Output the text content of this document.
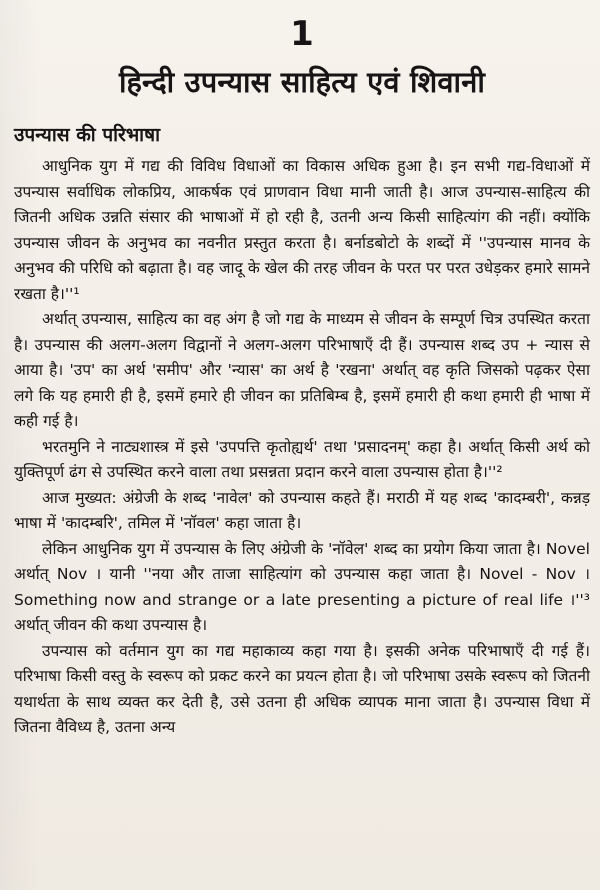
1
हिन्दी उपन्यास साहित्य एवं शिवानी
उपन्यास की परिभाषा

आधुनिक युग में गद्य की विविध विधाओं का विकास अधिक हुआ है। इन सभी गद्य-विधाओं में उपन्यास सर्वाधिक लोकप्रिय, आकर्षक एवं प्राणवान विधा मानी जाती है। आज उपन्यास-साहित्य की जितनी अधिक उन्नति संसार की भाषाओं में हो रही है, उतनी अन्य किसी साहित्यांग की नहीं। क्योंकि उपन्यास जीवन के अनुभव का नवनीत प्रस्तुत करता है। बर्नाडबोटो के शब्दों में ''उपन्यास मानव के अनुभव की परिधि को बढ़ाता है। वह जादू के खेल की तरह जीवन के परत पर परत उधेड़कर हमारे सामने रखता है।''¹

अर्थात् उपन्यास, साहित्य का वह अंग है जो गद्य के माध्यम से जीवन के सम्पूर्ण चित्र उपस्थित करता है। उपन्यास की अलग-अलग विद्वानों ने अलग-अलग परिभाषाएँ दी हैं। उपन्यास शब्द उप + न्यास से आया है। 'उप' का अर्थ 'समीप' और 'न्यास' का अर्थ है 'रखना' अर्थात् वह कृति जिसको पढ़कर ऐसा लगे कि यह हमारी ही है, इसमें हमारे ही जीवन का प्रतिबिम्ब है, इसमें हमारी ही कथा हमारी ही भाषा में कही गई है।

भरतमुनि ने नाट्यशास्त्र में इसे 'उपपत्ति कृतोह्यर्थ' तथा 'प्रसादनम्' कहा है। अर्थात् किसी अर्थ को युक्तिपूर्ण ढंग से उपस्थित करने वाला तथा प्रसन्नता प्रदान करने वाला उपन्यास होता है।''²

आज मुख्यत: अंग्रेजी के शब्द 'नावेल' को उपन्यास कहते हैं। मराठी में यह शब्द 'कादम्बरी', कन्नड़ भाषा में 'कादम्बरि', तमिल में 'नॉवल' कहा जाता है।

लेकिन आधुनिक युग में उपन्यास के लिए अंग्रेजी के 'नॉवेल' शब्द का प्रयोग किया जाता है। Novel अर्थात् Nov । यानी ''नया और ताजा साहित्यांग को उपन्यास कहा जाता है। Novel - Nov । Something now and strange or a late presenting a picture of real life ।''³ अर्थात् जीवन की कथा उपन्यास है।

उपन्यास को वर्तमान युग का गद्य महाकाव्य कहा गया है। इसकी अनेक परिभाषाएँ दी गई हैं। परिभाषा किसी वस्तु के स्वरूप को प्रकट करने का प्रयत्न होता है। जो परिभाषा उसके स्वरूप को जितनी यथार्थता के साथ व्यक्त कर देती है, उसे उतना ही अधिक व्यापक माना जाता है। उपन्यास विधा में जितना वैविध्य है, उतना अन्य
